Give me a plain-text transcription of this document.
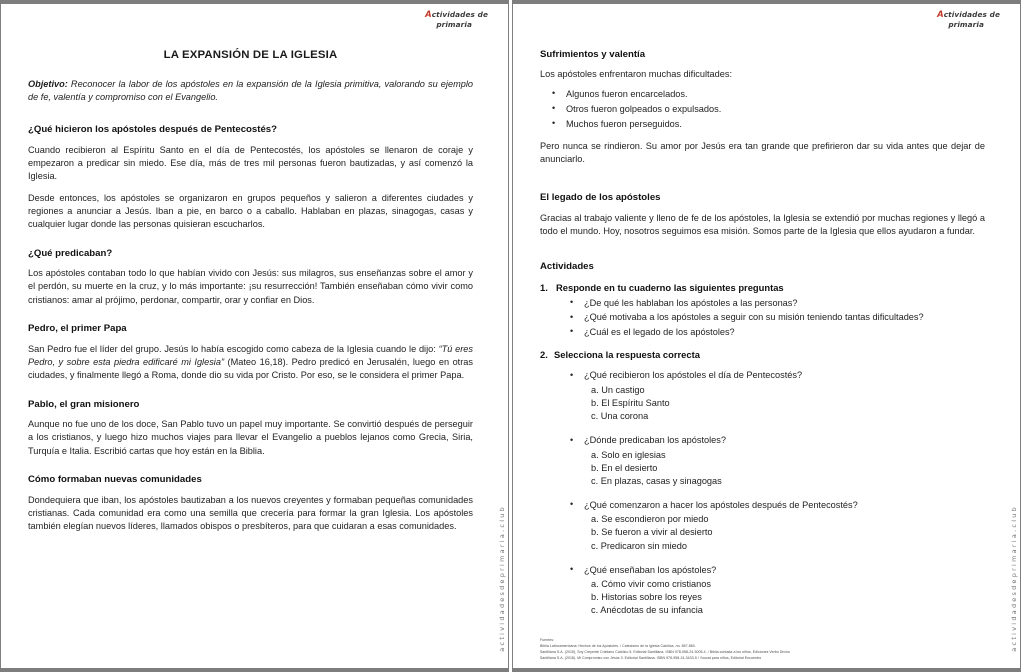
Actividades de
primaria
actividadesdeprimaria.club
LA EXPANSIÓN DE LA IGLESIA

Objetivo: Reconocer la labor de los apóstoles en la expansión de la Iglesia primitiva, valorando su ejemplo de fe, valentía y compromiso con el Evangelio.

¿Qué hicieron los apóstoles después de Pentecostés?

Cuando recibieron al Espíritu Santo en el día de Pentecostés, los apóstoles se llenaron de coraje y empezaron a predicar sin miedo. Ese día, más de tres mil personas fueron bautizadas, y así comenzó la Iglesia.

Desde entonces, los apóstoles se organizaron en grupos pequeños y salieron a diferentes ciudades y regiones a anunciar a Jesús. Iban a pie, en barco o a caballo. Hablaban en plazas, sinagogas, casas y cualquier lugar donde las personas quisieran escucharlos.

¿Qué predicaban?

Los apóstoles contaban todo lo que habían vivido con Jesús: sus milagros, sus enseñanzas sobre el amor y el perdón, su muerte en la cruz, y lo más importante: ¡su resurrección! También enseñaban cómo vivir como cristianos: amar al prójimo, perdonar, compartir, orar y confiar en Dios.

Pedro, el primer Papa

San Pedro fue el líder del grupo. Jesús lo había escogido como cabeza de la Iglesia cuando le dijo: “Tú eres Pedro, y sobre esta piedra edificaré mi Iglesia” (Mateo 16,18). Pedro predicó en Jerusalén, luego en otras ciudades, y finalmente llegó a Roma, donde dio su vida por Cristo. Por eso, se le considera el primer Papa.

Pablo, el gran misionero

Aunque no fue uno de los doce, San Pablo tuvo un papel muy importante. Se convirtió después de perseguir a los cristianos, y luego hizo muchos viajes para llevar el Evangelio a pueblos lejanos como Grecia, Siria, Turquía e Italia. Escribió cartas que hoy están en la Biblia.

Cómo formaban nuevas comunidades

Dondequiera que iban, los apóstoles bautizaban a los nuevos creyentes y formaban pequeñas comunidades cristianas. Cada comunidad era como una semilla que crecería para formar la gran Iglesia. Los apóstoles también elegían nuevos líderes, llamados obispos o presbíteros, para que cuidaran a esas comunidades.

Actividades de
primaria
actividadesdeprimaria.club
Sufrimientos y valentía

Los apóstoles enfrentaron muchas dificultades:

• Algunos fueron encarcelados.
• Otros fueron golpeados o expulsados.
• Muchos fueron perseguidos.

Pero nunca se rindieron. Su amor por Jesús era tan grande que prefirieron dar su vida antes que dejar de anunciarlo.

El legado de los apóstoles

Gracias al trabajo valiente y lleno de fe de los apóstoles, la Iglesia se extendió por muchas regiones y llegó a todo el mundo. Hoy, nosotros seguimos esa misión. Somos parte de la Iglesia que ellos ayudaron a fundar.

Actividades

1. Responde en tu cuaderno las siguientes preguntas

• ¿De qué les hablaban los apóstoles a las personas?
• ¿Qué motivaba a los apóstoles a seguir con su misión teniendo tantas dificultades?
• ¿Cuál es el legado de los apóstoles?

2. Selecciona la respuesta correcta

• ¿Qué recibieron los apóstoles el día de Pentecostés?
a. Un castigo
b. El Espíritu Santo
c. Una corona
• ¿Dónde predicaban los apóstoles?
a. Solo en iglesias
b. En el desierto
c. En plazas, casas y sinagogas
• ¿Qué comenzaron a hacer los apóstoles después de Pentecostés?
a. Se escondieron por miedo
b. Se fueron a vivir al desierto
c. Predicaron sin miedo
• ¿Qué enseñaban los apóstoles?
a. Cómo vivir como cristianos
b. Historias sobre los reyes
c. Anécdotas de su infancia
Fuentes:
Biblia Latinoamericana: Hechos de los Apóstoles. / Catecismo de la Iglesia Católica, nn. 857-860.
Santillana S.A. (2015), Soy Creyente Cristiano Católico 5. Editorial Santillana. ISBN 978-958-24-3005-4. / Biblia contada a los niños, Ediciones Verbo Divino
Santillana S.A. (2018). Mi Compromiso con Jesús 3. Editorial Santillana. ISBN 978-958-24-3433-5 / Youcat para niños, Editorial Encuentro
